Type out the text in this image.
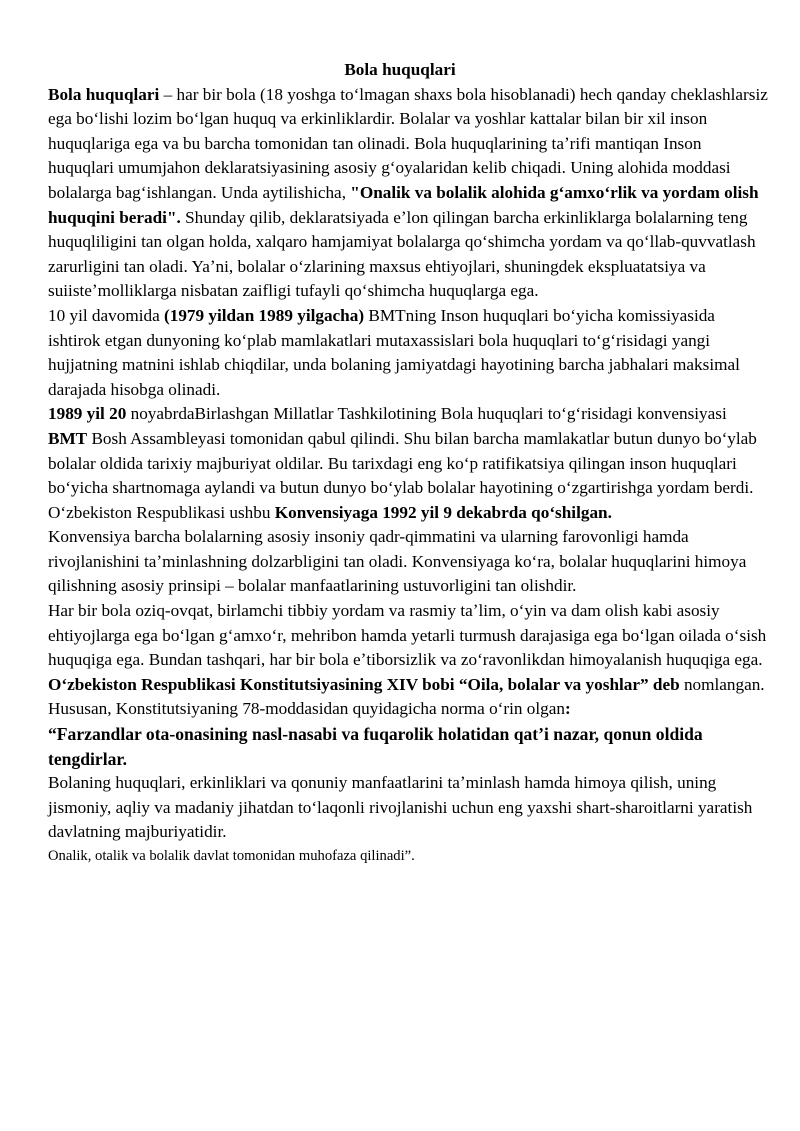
Bola huquqlari

Bola huquqlari – har bir bola (18 yoshga toʻlmagan shaxs bola hisoblanadi) hech qanday cheklashlarsiz ega boʻlishi lozim boʻlgan huquq va erkinliklardir. Bolalar va yoshlar kattalar bilan bir xil inson huquqlariga ega va bu barcha tomonidan tan olinadi. Bola huquqlarining taʼrifi mantiqan Inson huquqlari umumjahon deklaratsiyasining asosiy gʻoyalaridan kelib chiqadi. Uning alohida moddasi bolalarga bagʻishlangan. Unda aytilishicha, "Onalik va bolalik alohida gʻamxoʻrlik va yordam olish huquqini beradi". Shunday qilib, deklaratsiyada eʼlon qilingan barcha erkinliklarga bolalarning teng huquqliligini tan olgan holda, xalqaro hamjamiyat bolalarga qoʻshimcha yordam va qoʻllab-quvvatlash zarurligini tan oladi. Yaʼni, bolalar oʻzlarining maxsus ehtiyojlari, shuningdek ekspluatatsiya va suiisteʼmolliklarga nisbatan zaifligi tufayli qoʻshimcha huquqlarga ega.

10 yil davomida (1979 yildan 1989 yilgacha) BMTning Inson huquqlari boʻyicha komissiyasida ishtirok etgan dunyoning koʻplab mamlakatlari mutaxassislari bola huquqlari toʻgʻrisidagi yangi hujjatning matnini ishlab chiqdilar, unda bolaning jamiyatdagi hayotining barcha jabhalari maksimal darajada hisobga olinadi.

1989 yil 20 noyabrdaBirlashgan Millatlar Tashkilotining Bola huquqlari toʻgʻrisidagi konvensiyasi BMT Bosh Assambleyasi tomonidan qabul qilindi. Shu bilan barcha mamlakatlar butun dunyo boʻylab bolalar oldida tarixiy majburiyat oldilar. Bu tarixdagi eng koʻp ratifikatsiya qilingan inson huquqlari boʻyicha shartnomaga aylandi va butun dunyo boʻylab bolalar hayotining oʻzgartirishga yordam berdi. Oʻzbekiston Respublikasi ushbu Konvensiyaga 1992 yil 9 dekabrda qoʻshilgan.

Konvensiya barcha bolalarning asosiy insoniy qadr-qimmatini va ularning farovonligi hamda rivojlanishini taʼminlashning dolzarbligini tan oladi. Konvensiyaga koʻra, bolalar huquqlarini himoya qilishning asosiy prinsipi – bolalar manfaatlarining ustuvorligini tan olishdir.

Har bir bola oziq-ovqat, birlamchi tibbiy yordam va rasmiy taʼlim, oʻyin va dam olish kabi asosiy ehtiyojlarga ega boʻlgan gʻamxoʻr, mehribon hamda yetarli turmush darajasiga ega boʻlgan oilada oʻsish huquqiga ega. Bundan tashqari, har bir bola eʼtiborsizlik va zoʻravonlikdan himoyalanish huquqiga ega.

Oʻzbekiston Respublikasi Konstitutsiyasining XIV bobi “Oila, bolalar va yoshlar” deb nomlangan. Hususan, Konstitutsiyaning 78-moddasidan quyidagicha norma oʻrin olgan:

“Farzandlar ota-onasining nasl-nasabi va fuqarolik holatidan qatʼi nazar, qonun oldida tengdirlar.

Bolaning huquqlari, erkinliklari va qonuniy manfaatlarini taʼminlash hamda himoya qilish, uning jismoniy, aqliy va madaniy jihatdan toʻlaqonli rivojlanishi uchun eng yaxshi shart-sharoitlarni yaratish davlatning majburiyatidir.

Onalik, otalik va bolalik davlat tomonidan muhofaza qilinadi”.
